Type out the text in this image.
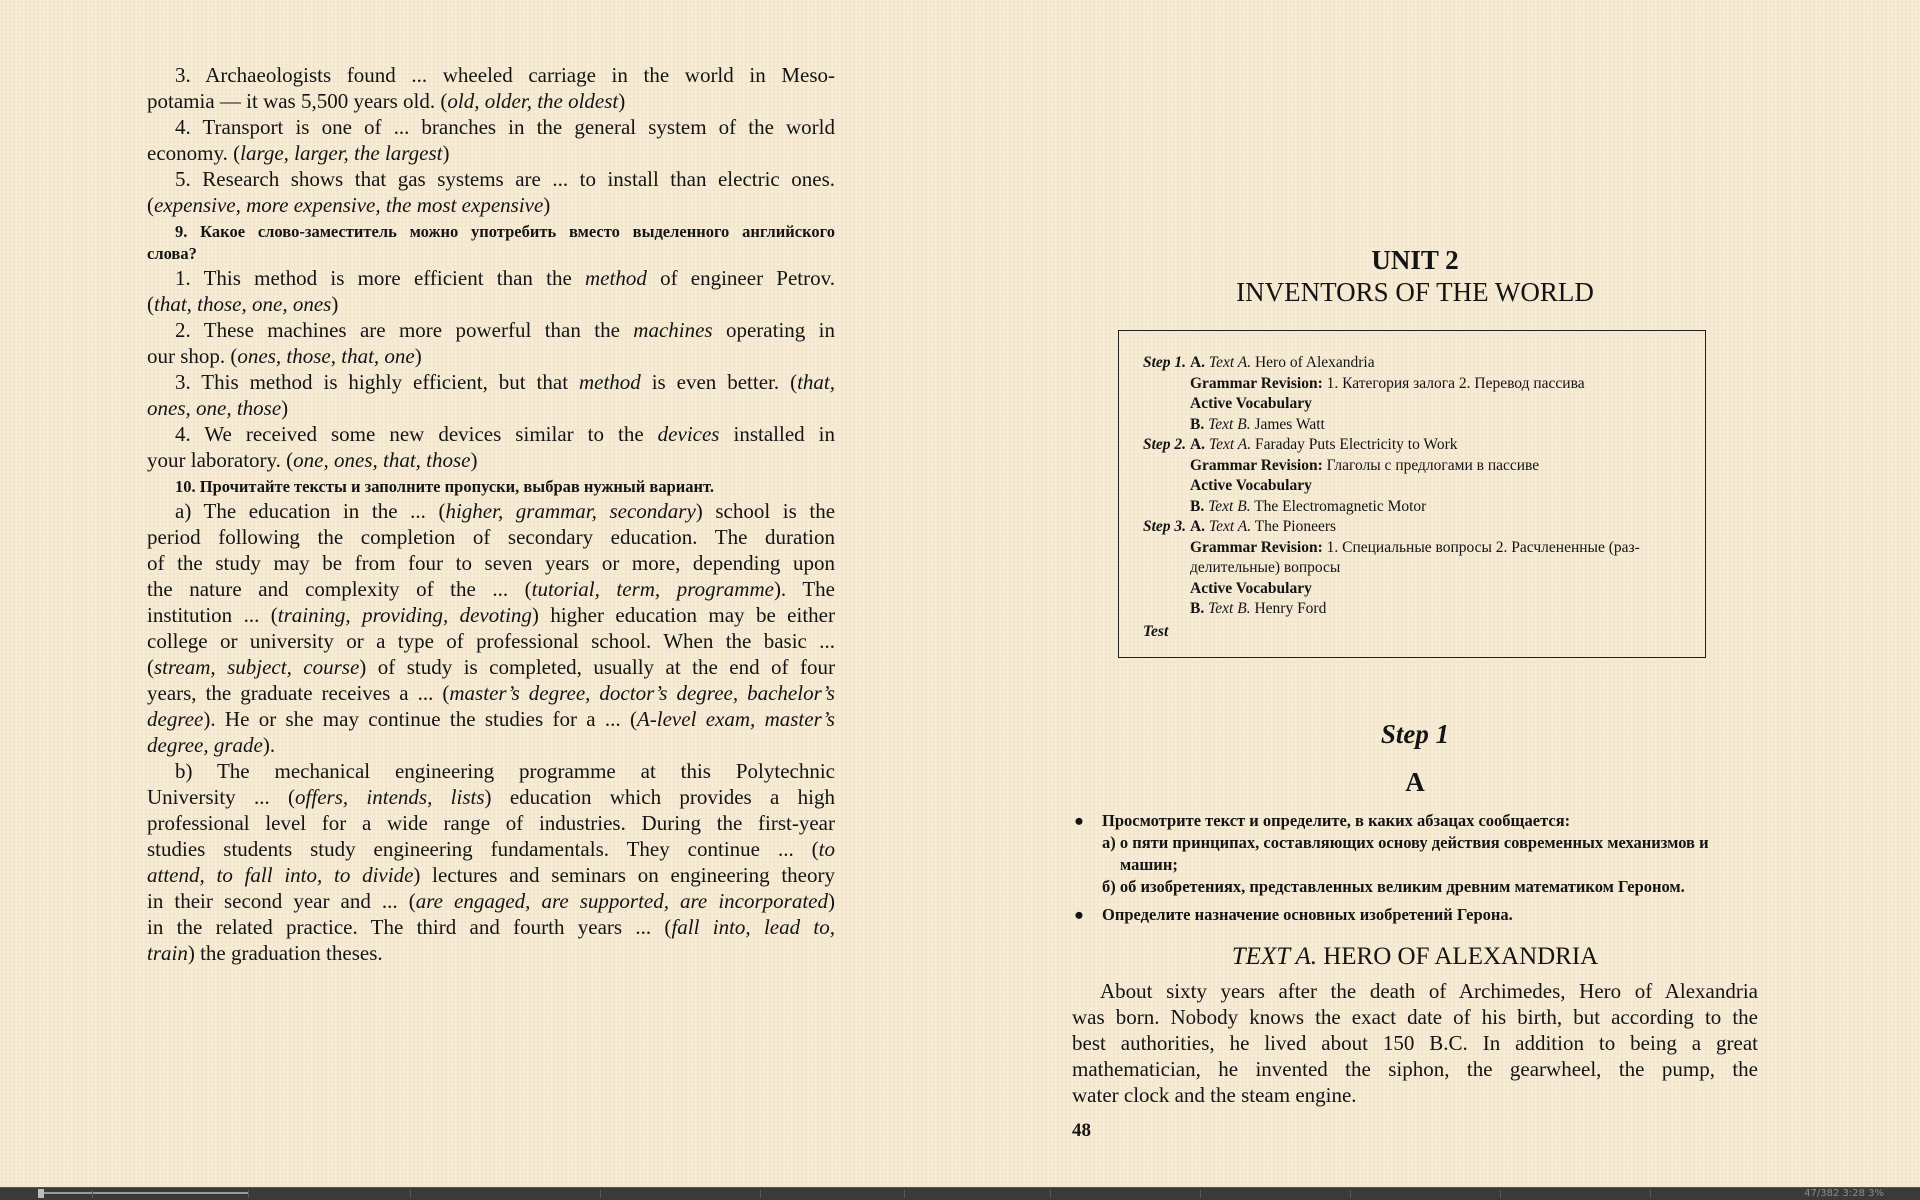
3. Archaeologists found ... wheeled carriage in the world in Meso-

potamia — it was 5,500 years old. (old, older, the oldest)

4. Transport is one of ... branches in the general system of the world

economy. (large, larger, the largest)

5. Research shows that gas systems are ... to install than electric ones.

(expensive, more expensive, the most expensive)

9. Какое слово-заместитель можно употребить вместо выделенного английского

слова?

1. This method is more efficient than the method of engineer Petrov.

(that, those, one, ones)

2. These machines are more powerful than the machines operating in

our shop. (ones, those, that, one)

3. This method is highly efficient, but that method is even better. (that,

ones, one, those)

4. We received some new devices similar to the devices installed in

your laboratory. (one, ones, that, those)

10. Прочитайте тексты и заполните пропуски, выбрав нужный вариант.

a) The education in the ... (higher, grammar, secondary) school is the

period following the completion of secondary education. The duration

of the study may be from four to seven years or more, depending upon

the nature and complexity of the ... (tutorial, term, programme). The

institution ... (training, providing, devoting) higher education may be either

college or university or a type of professional school. When the basic ...

(stream, subject, course) of study is completed, usually at the end of four

years, the graduate receives a ... (master’s degree, doctor’s degree, bachelor’s

degree). He or she may continue the studies for a ... (A-level exam, master’s

degree, grade).

b) The mechanical engineering programme at this Polytechnic

University ... (offers, intends, lists) education which provides a high

professional level for a wide range of industries. During the first-year

studies students study engineering fundamentals. They continue ... (to

attend, to fall into, to divide) lectures and seminars on engineering theory

in their second year and ... (are engaged, are supported, are incorporated)

in the related practice. The third and fourth years ... (fall into, lead to,

train) the graduation theses.

UNIT 2
INVENTORS OF THE WORLD
Step 1. A. Text A. Hero of Alexandria
Grammar Revision: 1. Категория залога 2. Перевод пассива
Active Vocabulary
B. Text B. James Watt
Step 2. A. Text A. Faraday Puts Electricity to Work
Grammar Revision: Глаголы с предлогами в пассиве
Active Vocabulary
B. Text B. The Electromagnetic Motor
Step 3. A. Text A. The Pioneers
Grammar Revision: 1. Специальные вопросы 2. Расчлененные (раз-
делительные) вопросы
Active Vocabulary
B. Text B. Henry Ford
Test
Step 1
A
● Просмотрите текст и определите, в каких абзацах сообщается:
а) о пяти принципах, составляющих основу действия современных механизмов и
машин;
б) об изобретениях, представленных великим древним математиком Героном.
● Определите назначение основных изобретений Герона.
TEXT A. HERO OF ALEXANDRIA

About sixty years after the death of Archimedes, Hero of Alexandria

was born. Nobody knows the exact date of his birth, but according to the

best authorities, he lived about 150 B.C. In addition to being a great

mathematician, he invented the siphon, the gearwheel, the pump, the

water clock and the steam engine.

48
47/382 3:28 3%
